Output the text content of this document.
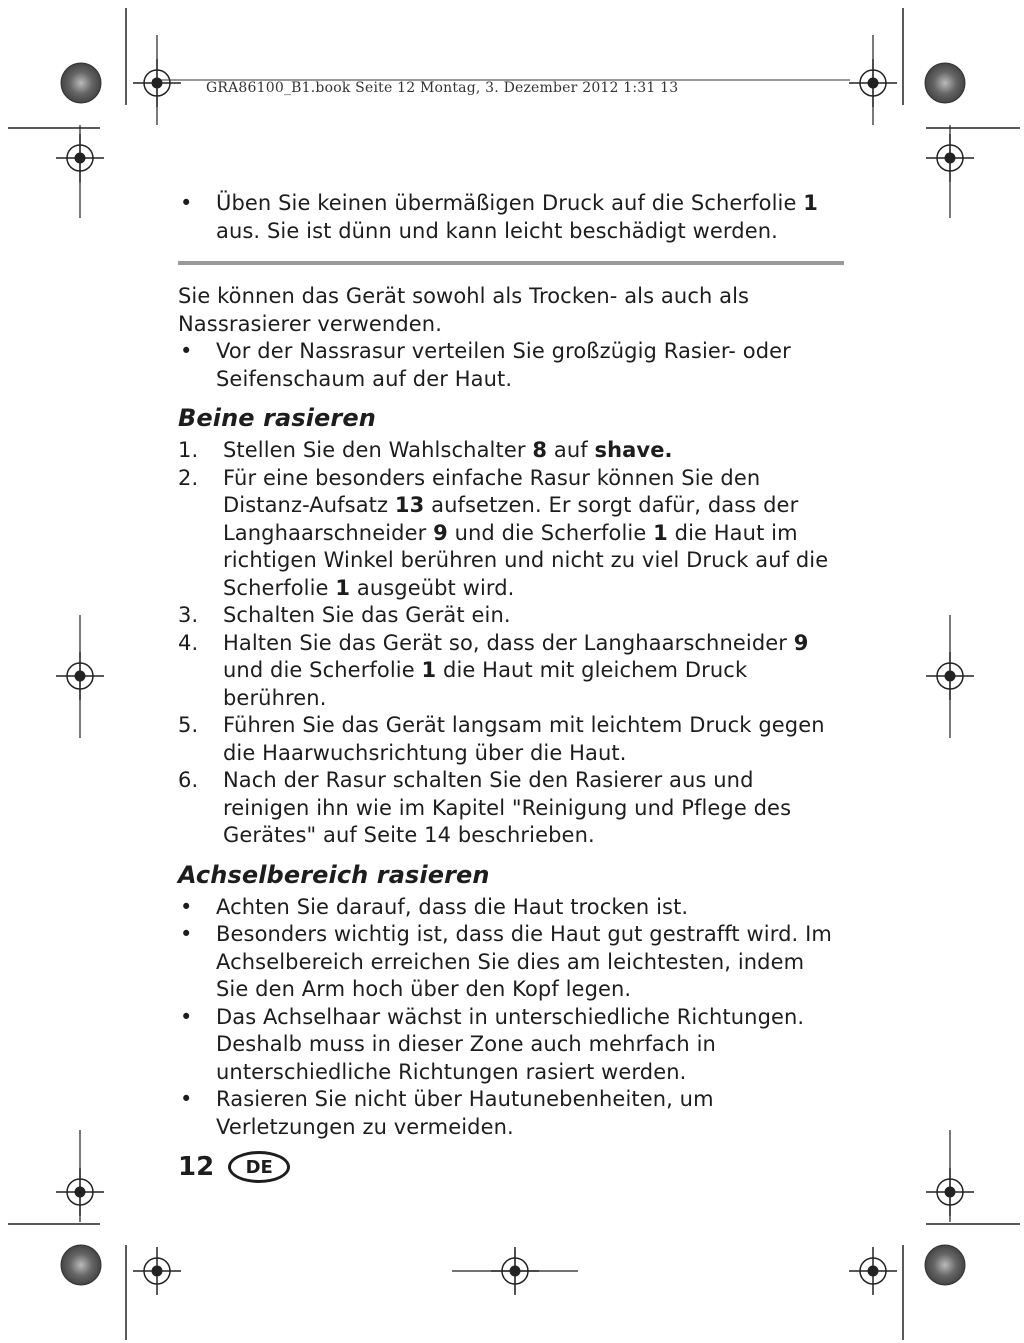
GRA86100_B1.book Seite 12 Montag, 3. Dezember 2012 1:31 13

• Üben Sie keinen übermäßigen Druck auf die Scherfolie 1 aus. Sie ist dünn und kann leicht beschädigt werden.

Sie können das Gerät sowohl als Trocken- als auch als Nassrasierer verwenden.

• Vor der Nassrasur verteilen Sie großzügig Rasier- oder Seifenschaum auf der Haut.

Beine rasieren

1. Stellen Sie den Wahlschalter 8 auf shave.

2. Für eine besonders einfache Rasur können Sie den Distanz-Aufsatz 13 aufsetzen. Er sorgt dafür, dass der Langhaarschneider 9 und die Scherfolie 1 die Haut im richtigen Winkel berühren und nicht zu viel Druck auf die Scherfolie 1 ausgeübt wird.

3. Schalten Sie das Gerät ein.

4. Halten Sie das Gerät so, dass der Langhaarschneider 9 und die Scherfolie 1 die Haut mit gleichem Druck berühren.

5. Führen Sie das Gerät langsam mit leichtem Druck gegen die Haarwuchsrichtung über die Haut.

6. Nach der Rasur schalten Sie den Rasierer aus und reinigen ihn wie im Kapitel "Reinigung und Pflege des Gerätes" auf Seite 14 beschrieben.

Achselbereich rasieren

• Achten Sie darauf, dass die Haut trocken ist.

• Besonders wichtig ist, dass die Haut gut gestrafft wird. Im Achselbereich erreichen Sie dies am leichtesten, indem Sie den Arm hoch über den Kopf legen.

• Das Achselhaar wächst in unterschiedliche Richtungen. Deshalb muss in dieser Zone auch mehrfach in unterschiedliche Richtungen rasiert werden.

• Rasieren Sie nicht über Hautunebenheiten, um Verletzungen zu vermeiden.

12	DE
